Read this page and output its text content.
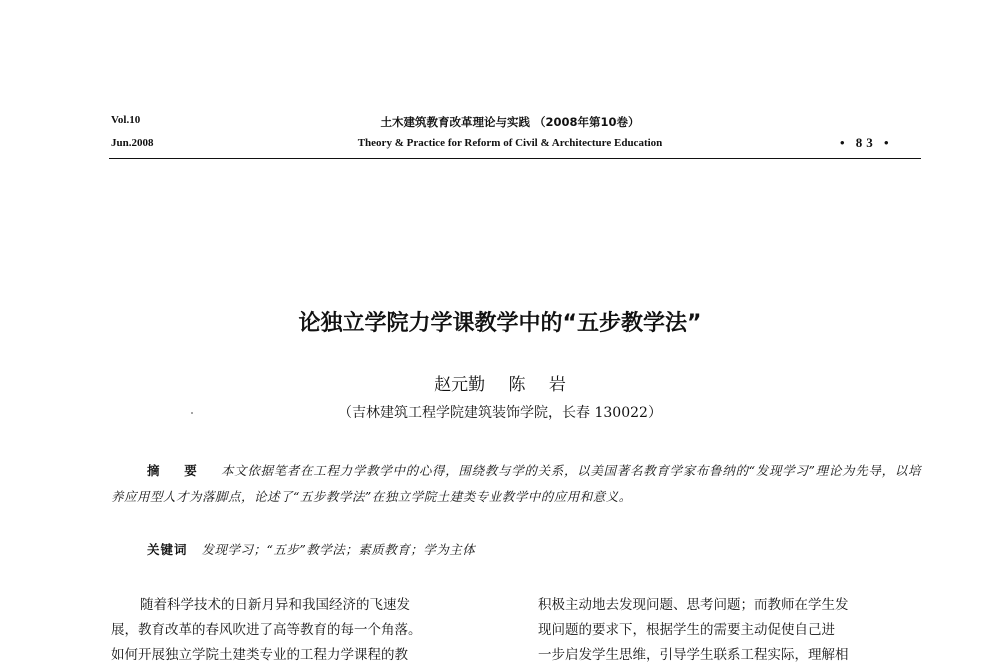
Vol.10
Jun.2008
土木建筑教育改革理论与实践 （2008年第10卷）
Theory & Practice for Reform of Civil & Architecture Education	• 83 •
论独立学院力学课教学中的“五步教学法”
赵元勤 陈 岩
（吉林建筑工程学院建筑装饰学院，长春 130022）
摘 要 本文依据笔者在工程力学教学中的心得，围绕教与学的关系，以美国著名教育学家布鲁纳的“发现学习”理论为先导，以培养应用型人才为落脚点，论述了“五步教学法”在独立学院土建类专业教学中的应用和意义。
关键词 发现学习；“五步”教学法；素质教育；学为主体

随着科学技术的日新月异和我国经济的飞速发

展，教育改革的春风吹进了高等教育的每一个角落。

如何开展独立学院土建类专业的工程力学课程的教

积极主动地去发现问题、思考问题；而教师在学生发

现问题的要求下，根据学生的需要主动促使自己进

一步启发学生思维，引导学生联系工程实际，理解相
